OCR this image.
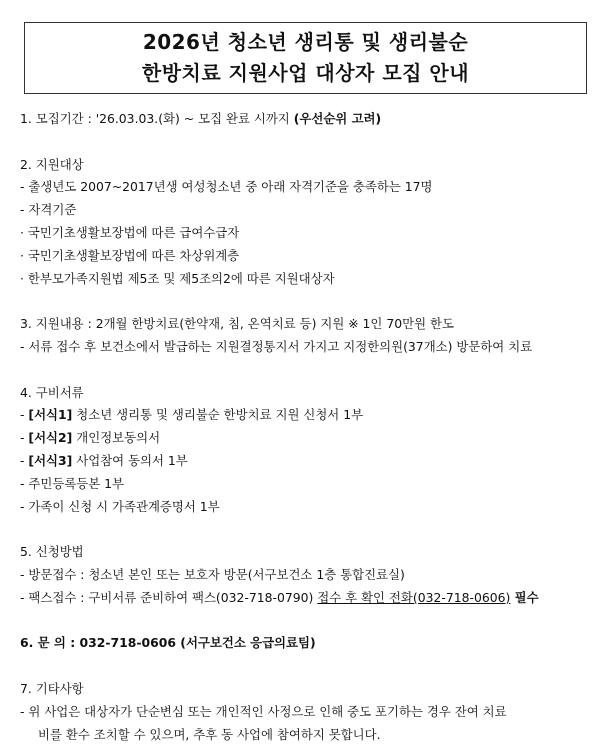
2026년 청소년 생리통 및 생리불순
한방치료 지원사업 대상자 모집 안내
1. 모집기간 : '26.03.03.(화) ~ 모집 완료 시까지 (우선순위 고려)
2. 지원대상
- 출생년도 2007~2017년생 여성청소년 중 아래 자격기준을 충족하는 17명
- 자격기준
· 국민기초생활보장법에 따른 급여수급자
· 국민기초생활보장법에 따른 차상위계층
· 한부모가족지원법 제5조 및 제5조의2에 따른 지원대상자
3. 지원내용 : 2개월 한방치료(한약재, 침, 온역치료 등) 지원 ※ 1인 70만원 한도
- 서류 접수 후 보건소에서 발급하는 지원결정통지서 가지고 지정한의원(37개소) 방문하여 치료
4. 구비서류
- [서식1] 청소년 생리통 및 생리불순 한방치료 지원 신청서 1부
- [서식2] 개인정보동의서
- [서식3] 사업참여 동의서 1부
- 주민등록등본 1부
- 가족이 신청 시 가족관계증명서 1부
5. 신청방법
- 방문접수 : 청소년 본인 또는 보호자 방문(서구보건소 1층 통합진료실)
- 팩스접수 : 구비서류 준비하여 팩스(032-718-0790) 접수 후 확인 전화(032-718-0606) 필수
6. 문 의 : 032-718-0606 (서구보건소 응급의료팀)
7. 기타사항
- 위 사업은 대상자가 단순변심 또는 개인적인 사정으로 인해 중도 포기하는 경우 잔여 치료
비를 환수 조치할 수 있으며, 추후 동 사업에 참여하지 못합니다.
